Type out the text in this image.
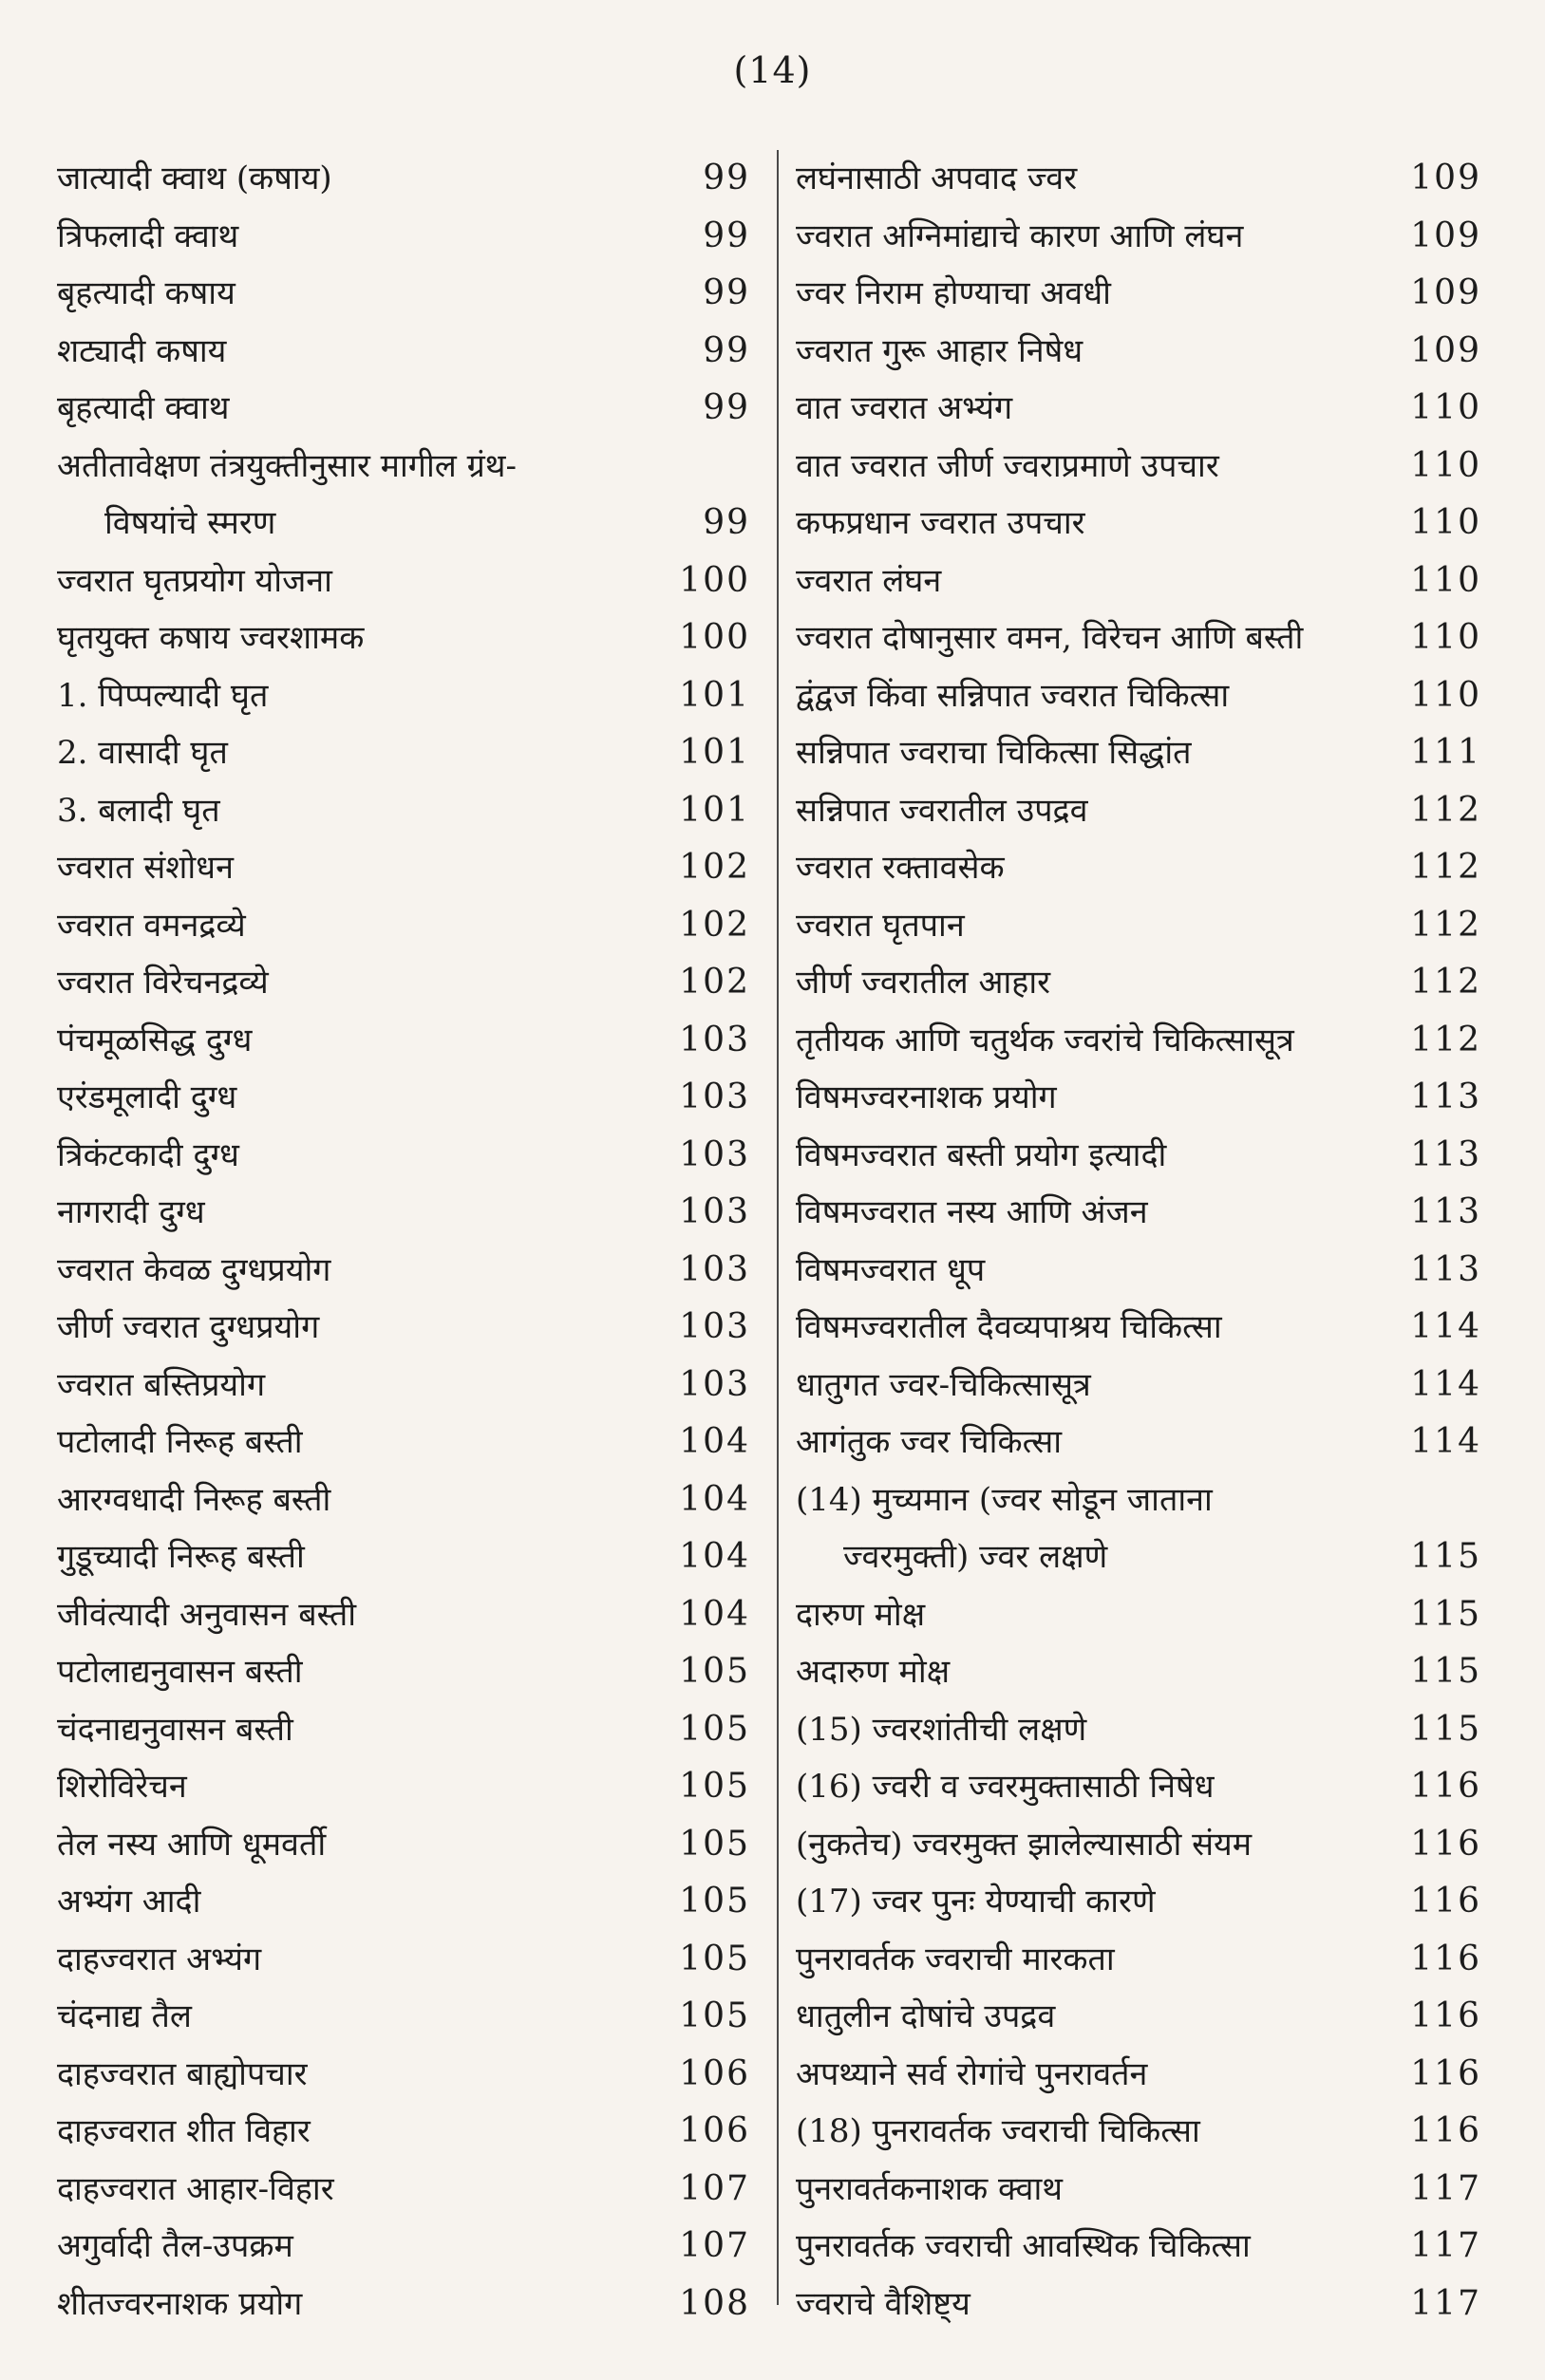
(14)
जात्यादी क्वाथ (कषाय)	99
त्रिफलादी क्वाथ	99
बृहत्यादी कषाय	99
शट्यादी कषाय	99
बृहत्यादी क्वाथ	99
अतीतावेक्षण तंत्रयुक्तीनुसार मागील ग्रंथ-
विषयांचे स्मरण	99
ज्वरात घृतप्रयोग योजना	100
घृतयुक्त कषाय ज्वरशामक	100
1. पिप्पल्यादी घृत	101
2. वासादी घृत	101
3. बलादी घृत	101
ज्वरात संशोधन	102
ज्वरात वमनद्रव्ये	102
ज्वरात विरेचनद्रव्ये	102
पंचमूळसिद्ध दुग्ध	103
एरंडमूलादी दुग्ध	103
त्रिकंटकादी दुग्ध	103
नागरादी दुग्ध	103
ज्वरात केवळ दुग्धप्रयोग	103
जीर्ण ज्वरात दुग्धप्रयोग	103
ज्वरात बस्तिप्रयोग	103
पटोलादी निरूह बस्ती	104
आरग्वधादी निरूह बस्ती	104
गुडूच्यादी निरूह बस्ती	104
जीवंत्यादी अनुवासन बस्ती	104
पटोलाद्यनुवासन बस्ती	105
चंदनाद्यनुवासन बस्ती	105
शिरोविरेचन	105
तेल नस्य आणि धूमवर्ती	105
अभ्यंग आदी	105
दाहज्वरात अभ्यंग	105
चंदनाद्य तैल	105
दाहज्वरात बाह्योपचार	106
दाहज्वरात शीत विहार	106
दाहज्वरात आहार-विहार	107
अगुर्वादी तैल-उपक्रम	107
शीतज्वरनाशक प्रयोग	108
लघंनासाठी अपवाद ज्वर	109
ज्वरात अग्निमांद्याचे कारण आणि लंघन	109
ज्वर निराम होण्याचा अवधी	109
ज्वरात गुरू आहार निषेध	109
वात ज्वरात अभ्यंग	110
वात ज्वरात जीर्ण ज्वराप्रमाणे उपचार	110
कफप्रधान ज्वरात उपचार	110
ज्वरात लंघन	110
ज्वरात दोषानुसार वमन, विरेचन आणि बस्ती	110
द्वंद्वज किंवा सन्निपात ज्वरात चिकित्सा	110
सन्निपात ज्वराचा चिकित्सा सिद्धांत	111
सन्निपात ज्वरातील उपद्रव	112
ज्वरात रक्तावसेक	112
ज्वरात घृतपान	112
जीर्ण ज्वरातील आहार	112
तृतीयक आणि चतुर्थक ज्वरांचे चिकित्सासूत्र	112
विषमज्वरनाशक प्रयोग	113
विषमज्वरात बस्ती प्रयोग इत्यादी	113
विषमज्वरात नस्य आणि अंजन	113
विषमज्वरात धूप	113
विषमज्वरातील दैवव्यपाश्रय चिकित्सा	114
धातुगत ज्वर-चिकित्सासूत्र	114
आगंतुक ज्वर चिकित्सा	114
(14) मुच्यमान (ज्वर सोडून जाताना
ज्वरमुक्ती) ज्वर लक्षणे	115
दारुण मोक्ष	115
अदारुण मोक्ष	115
(15) ज्वरशांतीची लक्षणे	115
(16) ज्वरी व ज्वरमुक्तासाठी निषेध	116
(नुकतेच) ज्वरमुक्त झालेल्यासाठी संयम	116
(17) ज्वर पुनः येण्याची कारणे	116
पुनरावर्तक ज्वराची मारकता	116
धातुलीन दोषांचे उपद्रव	116
अपथ्याने सर्व रोगांचे पुनरावर्तन	116
(18) पुनरावर्तक ज्वराची चिकित्सा	116
पुनरावर्तकनाशक क्वाथ	117
पुनरावर्तक ज्वराची आवस्थिक चिकित्सा	117
ज्वराचे वैशिष्ट्य	117
